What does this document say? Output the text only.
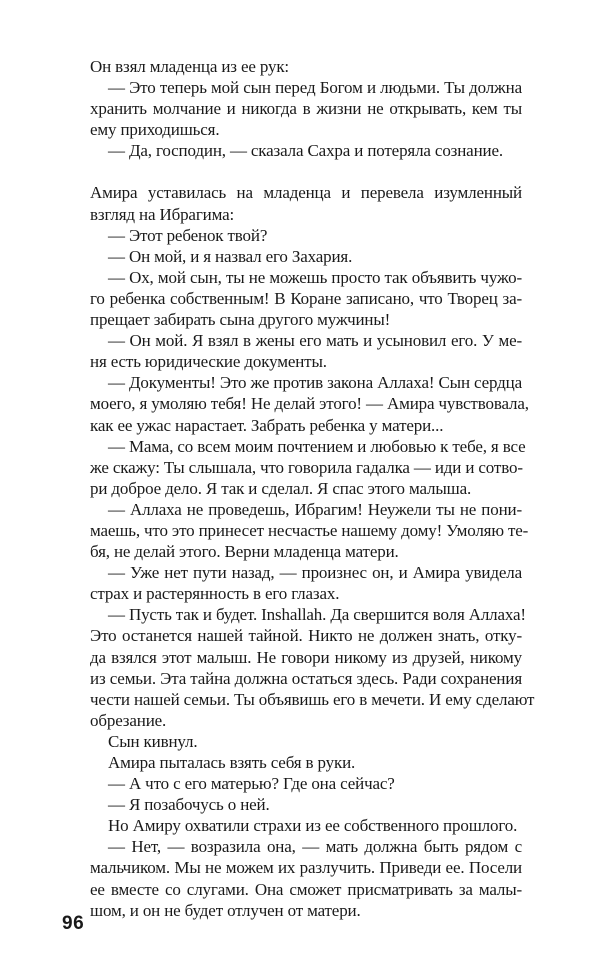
Он взял младенца из ее рук:
— Это теперь мой сын перед Богом и людьми. Ты должна
хранить молчание и никогда в жизни не открывать, кем ты
ему приходишься.
— Да, господин, — сказала Сахра и потеряла сознание.
Амира уставилась на младенца и перевела изумленный
взгляд на Ибрагима:
— Этот ребенок твой?
— Он мой, и я назвал его Захария.
— Ох, мой сын, ты не можешь просто так объявить чужо-
го ребенка собственным! В Коране записано, что Творец за-
прещает забирать сына другого мужчины!
— Он мой. Я взял в жены его мать и усыновил его. У ме-
ня есть юридические документы.
— Документы! Это же против закона Аллаха! Сын сердца
моего, я умоляю тебя! Не делай этого! — Амира чувствовала,
как ее ужас нарастает. Забрать ребенка у матери...
— Мама, со всем моим почтением и любовью к тебе, я все
же скажу: Ты слышала, что говорила гадалка — иди и сотво-
ри доброе дело. Я так и сделал. Я спас этого малыша.
— Аллаха не проведешь, Ибрагим! Неужели ты не пони-
маешь, что это принесет несчастье нашему дому! Умоляю те-
бя, не делай этого. Верни младенца матери.
— Уже нет пути назад, — произнес он, и Амира увидела
страх и растерянность в его глазах.
— Пусть так и будет. Inshallah. Да свершится воля Аллаха!
Это останется нашей тайной. Никто не должен знать, отку-
да взялся этот малыш. Не говори никому из друзей, никому
из семьи. Эта тайна должна остаться здесь. Ради сохранения
чести нашей семьи. Ты объявишь его в мечети. И ему сделают
обрезание.
Сын кивнул.
Амира пыталась взять себя в руки.
— А что с его матерью? Где она сейчас?
— Я позабочусь о ней.
Но Амиру охватили страхи из ее собственного прошлого.
— Нет, — возразила она, — мать должна быть рядом с
мальчиком. Мы не можем их разлучить. Приведи ее. Посели
ее вместе со слугами. Она сможет присматривать за малы-
шом, и он не будет отлучен от матери.
96
